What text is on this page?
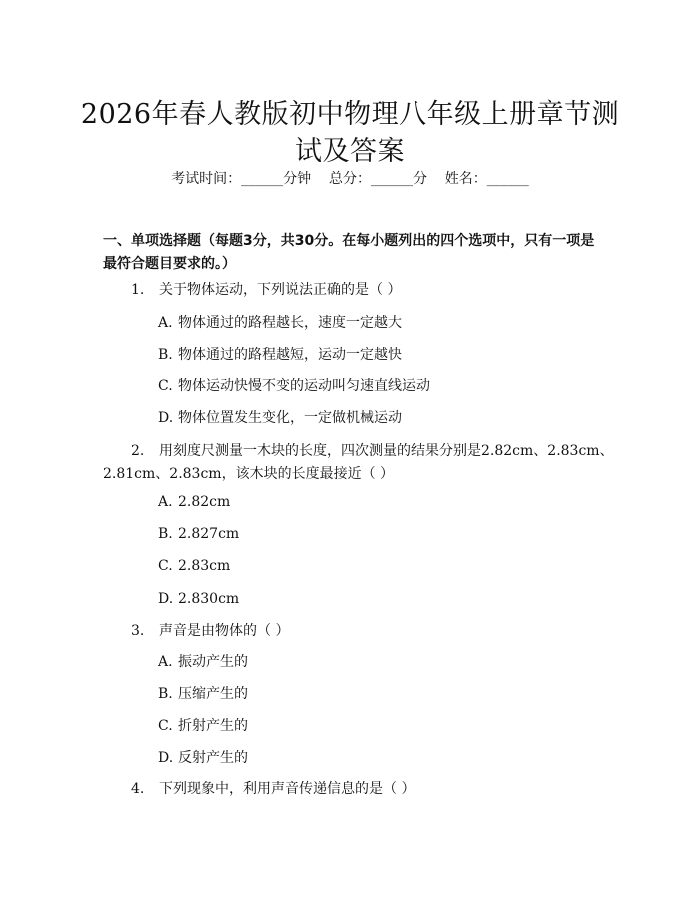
2026年春人教版初中物理八年级上册章节测
试及答案
考试时间：______分钟    总分：______分    姓名：______
一、单项选择题（每题3分，共30分。在每小题列出的四个选项中，只有一项是最符合题目要求的。）
1. 关于物体运动，下列说法正确的是（ ）
A. 物体通过的路程越长，速度一定越大
B. 物体通过的路程越短，运动一定越快
C. 物体运动快慢不变的运动叫匀速直线运动
D. 物体位置发生变化，一定做机械运动
2. 用刻度尺测量一木块的长度，四次测量的结果分别是2.82cm、2.83cm、
2.81cm、2.83cm，该木块的长度最接近（ ）
A. 2.82cm
B. 2.827cm
C. 2.83cm
D. 2.830cm
3. 声音是由物体的（ ）
A. 振动产生的
B. 压缩产生的
C. 折射产生的
D. 反射产生的
4. 下列现象中，利用声音传递信息的是（ ）
